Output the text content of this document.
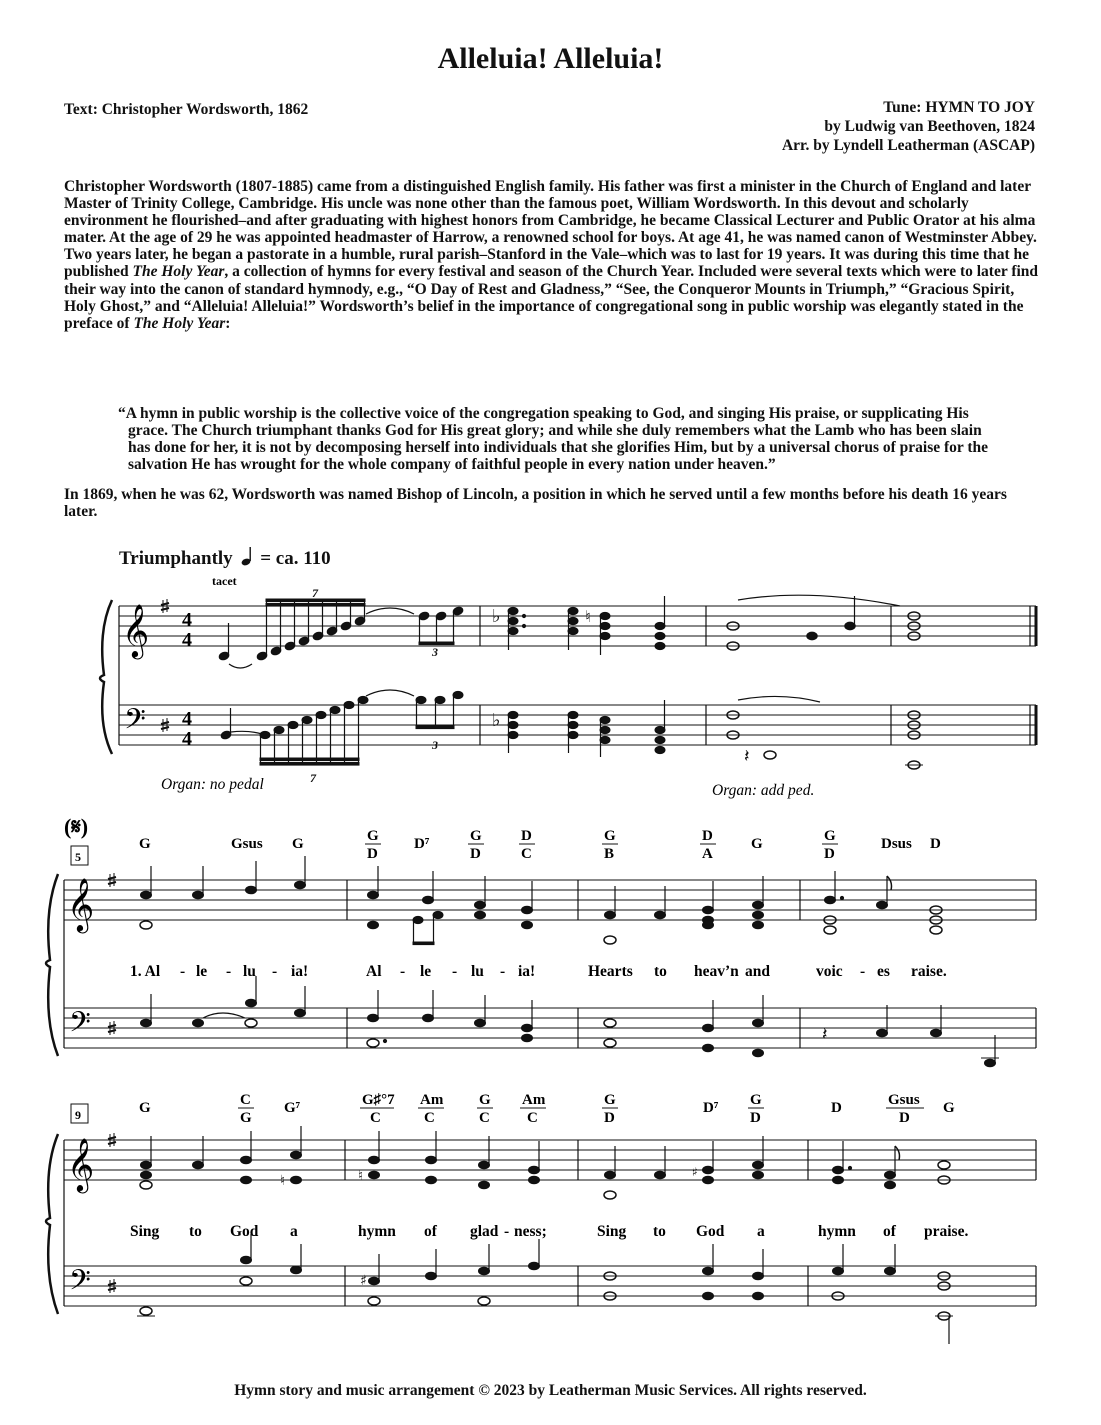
Alleluia! Alleluia!
Text: Christopher Wordsworth, 1862	Tune: HYMN TO JOY
by Ludwig van Beethoven, 1824
Arr. by Lyndell Leatherman (ASCAP)
Christopher Wordsworth (1807-1885) came from a distinguished English family. His father was first a minister in the Church of England and later Master of Trinity College, Cambridge. His uncle was none other than the famous poet, William Wordsworth. In this devout and scholarly environment he flourished–and after graduating with highest honors from Cambridge, he became Classical Lecturer and Public Orator at his alma mater. At the age of 29 he was appointed headmaster of Harrow, a renowned school for boys. At age 41, he was named canon of Westminster Abbey. Two years later, he began a pastorate in a humble, rural parish–Stanford in the Vale–which was to last for 19 years. It was during this time that he published The Holy Year, a collection of hymns for every festival and season of the Church Year. Included were several texts which were to later find their way into the canon of standard hymnody, e.g., “O Day of Rest and Gladness,” “See, the Conqueror Mounts in Triumph,” “Gracious Spirit, Holy Ghost,” and “Alleluia! Alleluia!” Wordsworth’s belief in the importance of congregational song in public worship was elegantly stated in the preface of The Holy Year:
“A hymn in public worship is the collective voice of the congregation speaking to God, and singing His praise, or supplicating His grace. The Church triumphant thanks God for His great glory; and while she duly remembers what the Lamb who has been slain has done for her, it is not by decomposing herself into individuals that she glorifies Him, but by a universal chorus of praise for the salvation He has wrought for the whole company of faithful people in every nation under heaven.”
In 1869, when he was 62, Wordsworth was named Bishop of Lincoln, a position in which he served until a few months before his death 16 years later.
Triumphantly = ca. 110
tacet
𝄞
𝄢
4
4
4
4
7
3
♭	♮
7
3
♭
𝄽
Organ: no pedal	Organ: add ped.
(𝄋)
5
G	Gsus G	G
D
D⁷	G
D
D
C
G
B
D
A
G	G
D
Dsus D
𝄞
𝄢
1. Al - le - lu - ia!	Al - le - lu - ia!	Hearts to heav’n and	voic - es raise.
𝄽
9	G	C
G
G⁷	G♯°7
C
Am
C
G
C
Am
C
G
D
D⁷ G
D
D	Gsus
D
G
𝄞
𝄢
♮	♮	♯
Sing to God a	hymn of glad - ness;	Sing to God a	hymn of praise.
♯
Hymn story and music arrangement © 2023 by Leatherman Music Services. All rights reserved.
